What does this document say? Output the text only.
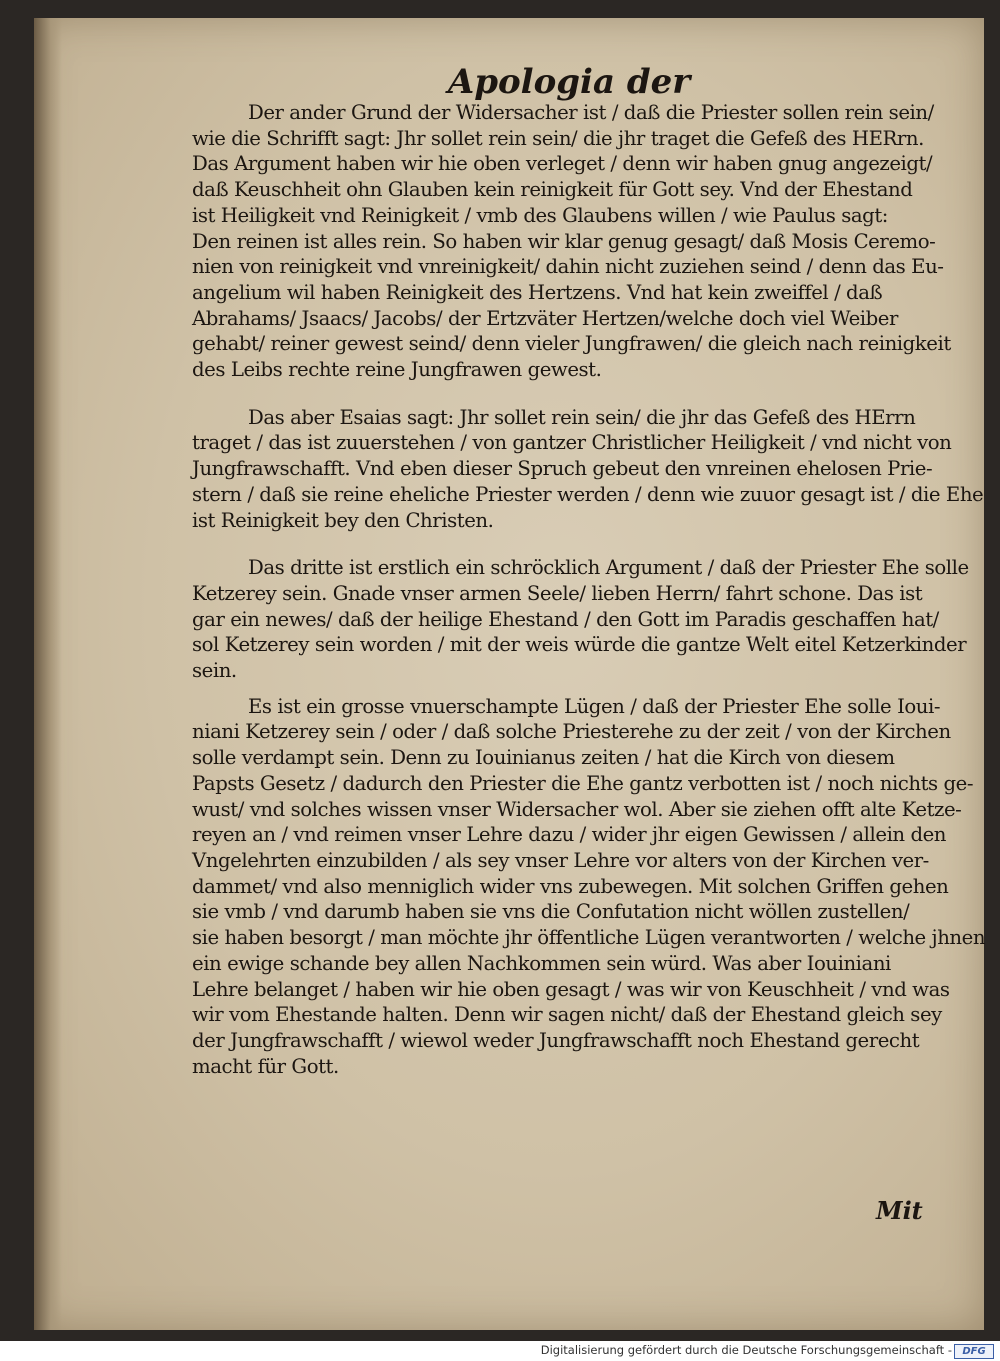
Apologia der
Der ander Grund der Widersacher ist / daß die Priester sollen rein sein/
wie die Schrifft sagt: Jhr sollet rein sein/ die jhr traget die Gefeß des HERrn.
Das Argument haben wir hie oben verleget / denn wir haben gnug angezeigt/
daß Keuschheit ohn Glauben kein reinigkeit für Gott sey. Vnd der Ehestand
ist Heiligkeit vnd Reinigkeit / vmb des Glaubens willen / wie Paulus sagt:
Den reinen ist alles rein. So haben wir klar genug gesagt/ daß Mosis Ceremo-
nien von reinigkeit vnd vnreinigkeit/ dahin nicht zuziehen seind / denn das Eu-
angelium wil haben Reinigkeit des Hertzens. Vnd hat kein zweiffel / daß
Abrahams/ Jsaacs/ Jacobs/ der Ertzväter Hertzen/welche doch viel Weiber
gehabt/ reiner gewest seind/ denn vieler Jungfrawen/ die gleich nach reinigkeit
des Leibs rechte reine Jungfrawen gewest.
Das aber Esaias sagt: Jhr sollet rein sein/ die jhr das Gefeß des HErrn
traget / das ist zuuerstehen / von gantzer Christlicher Heiligkeit / vnd nicht von
Jungfrawschafft. Vnd eben dieser Spruch gebeut den vnreinen ehelosen Prie-
stern / daß sie reine eheliche Priester werden / denn wie zuuor gesagt ist / die Ehe
ist Reinigkeit bey den Christen.
Das dritte ist erstlich ein schröcklich Argument / daß der Priester Ehe solle
Ketzerey sein. Gnade vnser armen Seele/ lieben Herrn/ fahrt schone. Das ist
gar ein newes/ daß der heilige Ehestand / den Gott im Paradis geschaffen hat/
sol Ketzerey sein worden / mit der weis würde die gantze Welt eitel Ketzerkinder
sein.
Es ist ein grosse vnuerschampte Lügen / daß der Priester Ehe solle Ioui-
niani Ketzerey sein / oder / daß solche Priesterehe zu der zeit / von der Kirchen
solle verdampt sein. Denn zu Iouinianus zeiten / hat die Kirch von diesem
Papsts Gesetz / dadurch den Priester die Ehe gantz verbotten ist / noch nichts ge-
wust/ vnd solches wissen vnser Widersacher wol. Aber sie ziehen offt alte Ketze-
reyen an / vnd reimen vnser Lehre dazu / wider jhr eigen Gewissen / allein den
Vngelehrten einzubilden / als sey vnser Lehre vor alters von der Kirchen ver-
dammet/ vnd also menniglich wider vns zubewegen. Mit solchen Griffen gehen
sie vmb / vnd darumb haben sie vns die Confutation nicht wöllen zustellen/
sie haben besorgt / man möchte jhr öffentliche Lügen verantworten / welche jhnen
ein ewige schande bey allen Nachkommen sein würd. Was aber Iouiniani
Lehre belanget / haben wir hie oben gesagt / was wir von Keuschheit / vnd was
wir vom Ehestande halten. Denn wir sagen nicht/ daß der Ehestand gleich sey
der Jungfrawschafft / wiewol weder Jungfrawschafft noch Ehestand gerecht
macht für Gott.
Mit
Digitalisierung gefördert durch die Deutsche Forschungsgemeinschaft -	DFG
